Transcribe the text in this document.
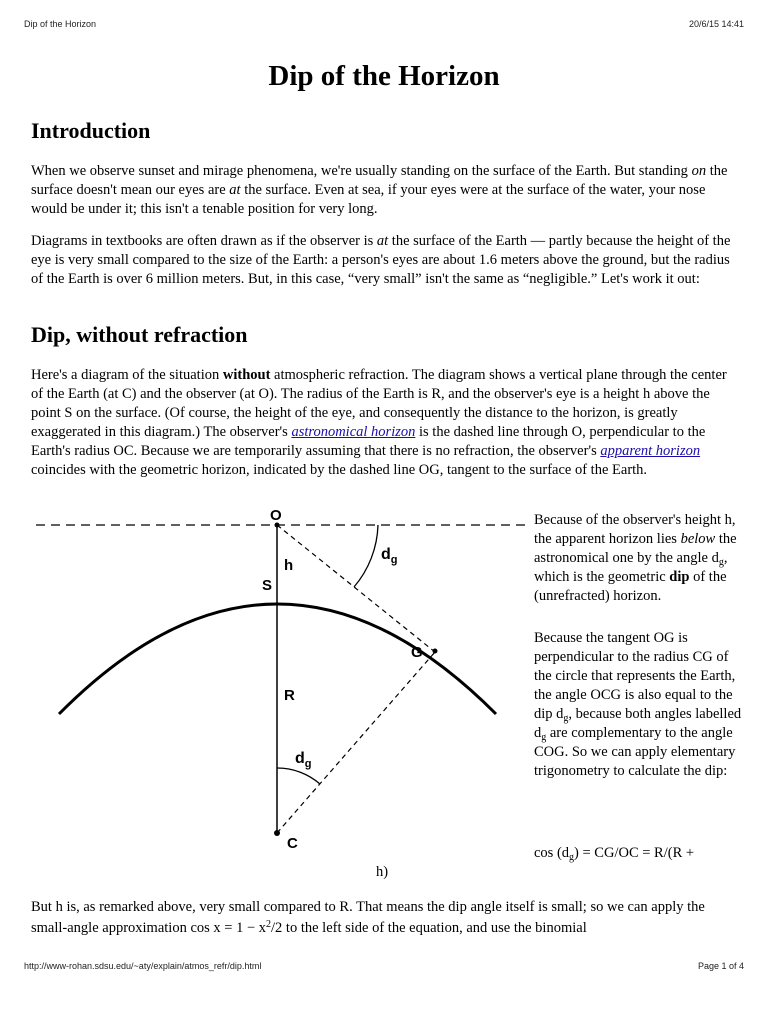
Dip of the Horizon	20/6/15 14:41
Dip of the Horizon
Introduction

When we observe sunset and mirage phenomena, we're usually standing on the surface of the Earth. But standing on the surface doesn't mean our eyes are at the surface. Even at sea, if your eyes were at the surface of the water, your nose would be under it; this isn't a tenable position for very long.

Diagrams in textbooks are often drawn as if the observer is at the surface of the Earth — partly because the height of the eye is very small compared to the size of the Earth: a person's eyes are about 1.6 meters above the ground, but the radius of the Earth is over 6 million meters. But, in this case, “very small” isn't the same as “negligible.” Let's work it out:

Dip, without refraction

Here's a diagram of the situation without atmospheric refraction. The diagram shows a vertical plane through the center of the Earth (at C) and the observer (at O). The radius of the Earth is R, and the observer's eye is a height h above the point S on the surface. (Of course, the height of the eye, and consequently the distance to the horizon, is greatly exaggerated in this diagram.) The observer's astronomical horizon is the dashed line through O, perpendicular to the Earth's radius OC. Because we are temporarily assuming that there is no refraction, the observer's apparent horizon coincides with the geometric horizon, indicated by the dashed line OG, tangent to the surface of the Earth.

O
h
S
G
R
C
$d_g$
$d_g$

Because of the observer's height h, the apparent horizon lies below the astronomical one by the angle $d_g$, which is the geometric dip of the (unrefracted) horizon.

Because the tangent OG is perpendicular to the radius CG of the circle that represents the Earth, the angle OCG is also equal to the dip $d_g$, because both angles labelled $d_g$ are complementary to the angle COG. So we can apply elementary trigonometry to calculate the dip:

$\cos (d_g) = CG/OC = R/(R$ +
h)

But h is, as remarked above, very small compared to R. That means the dip angle itself is small; so we can apply the small-angle approximation $\cos x = 1 - x^2/2$ to the left side of the equation, and use the binomial

http://www-rohan.sdsu.edu/~aty/explain/atmos_refr/dip.html	Page 1 of 4
